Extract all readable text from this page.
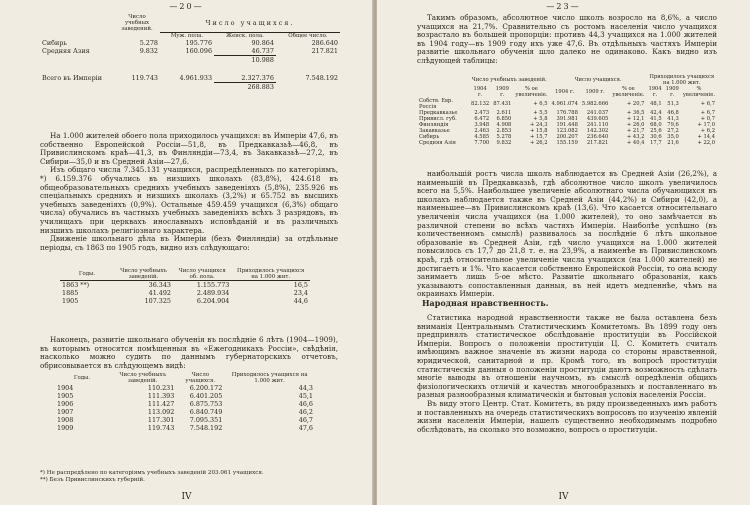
—20—
	Число учебных заведений.	Число учащихся.		
		Муж. пола.	Женск. пола.	Общее число.
Сибирь	5.278	195.776	90.864	286.640
Средняя Азия	9.832	160.096	46.737	217.821
			10.988	

Всего въ Имперіи	119.743	4.961.933	2.327.376	7.548.192
			268.883	

На 1.000 жителей обоего пола приходилось учащихся: въ Имперіи 47,6, въ собственно Европейской Россіи—51,8, въ Предкавказьѣ—46,8, въ Привислинскомъ краѣ—41,3, въ Финляндіи—73,4, въ Закавказьѣ—27,2, въ Сибири—35,0 и въ Средней Азіи—27,6.

Изъ общаго числа 7.345.131 учащихся, распредѣленныхъ по категоріямъ, *) 6.159.376 обучались въ низшихъ школахъ (83,8%), 424.618 въ общеобразовательныхъ среднихъ учебныхъ заведеніяхъ (5,8%), 235.926 въ спеціальныхъ среднихъ и низшихъ школахъ (3,2%) и 65.752 въ высшихъ учебныхъ заведеніяхъ (0,9%). Остальные 459.459 учащихся (6,3%) общаго числа) обучались въ частныхъ учебныхъ заведеніяхъ всѣхъ 3 разрядовъ, въ училищахъ при церквахъ инославныхъ исповѣданій и въ различныхъ низшихъ школахъ религіознаго характера.

Движеніе школьнаго дѣла въ Имперіи (безъ Финляндіи) за отдѣльные періоды, съ 1863 по 1905 годъ, видно изъ слѣдующаго:

Годы.	Число учебныхъ заведеній.	Число учащихся об. пола.	Приходилось учащихся на 1.000 жит.
1863 **)	36.343	1.155.773	16,5
1885	41.492	2.489.934	23,4
1905	107.325	6.204.904	44,6

Наконецъ, развитіе школьнаго обученія въ послѣдніе 6 лѣтъ (1904—1909), въ которымъ относятся помѣщенныя въ «Ежегодникахъ Россіи», свѣдѣнія, насколько можно судить по даннымъ губернаторскихъ отчетовъ, обрисовывается въ слѣдующемъ видѣ:

Годы.	Число учебныхъ заведеній.	Число учащихся.	Приходилось учащихся на 1.000 жит.
1904	110.231	6.200.172	44,3
1905	111.393	6.401.205	45,1
1906	111.427	6.875.753	46,6
1907	113.092	6.840.749	46,2
1908	117.301	7.095.351	46,7
1909	119.743	7.548.192	47,6
*) Не распредѣлено по категоріямъ учебныхъ заведеній 203.061 учащихся.
**) Безъ Привислинскихъ губерній.
IV
—23—

Такимъ образомъ, абсолютное число школъ возросло на 8,6%, а число учащихся на 21,7%. Сравнительно съ ростомъ населенія число учащихся возрастало въ большей пропорціи: противъ 44,3 учащихся на 1.000 жителей въ 1904 году—въ 1909 году ихъ уже 47,6. Въ отдѣльныхъ частяхъ Имперіи развитіе школьнаго обученія шло далеко не одинаково. Какъ видно изъ слѣдующей таблицы:

	Число учебныхъ заведеній.			Число учащихся.			Приходилось учащихся на 1.000 жит.		
	1904 г.	1909 г.	% ое увеличеніе.	1904 г.	1909 г.	% ое увеличеніе.	1904 г.	1909 г.	% увеличеніе.
Собств. Евр. Россія	82.132	87.431	+ 6,5	4.961.074	5.982.666	+ 20,7	48,1	51,3	+ 6,7
Предкавказье	2.473	2.611	+ 5,5	176.788	241.037	+ 36,5	42,4	46,8	+ 6,7
Привисл. губ.	6.472	6.850	+ 5,8	391.981	439.605	+ 12,1	41,5	41,3	+ 0,7
Финляндія	3.948	4.908	+ 24,3	191.448	241.110	+ 26,0	68,0	79,6	+ 17,0
Закавказье	2.463	2.853	+ 15,8	123.082	142.302	+ 21,7	25,6	27,2	+ 6,2
Сибирь	4.585	5.278	+ 15,7	200.207	236.640	+ 43,2	30,6	35,0	+ 14,4
Средняя Азія	7.700	9.832	+ 26,2	155.159	217.821	+ 40,4	17,7	21,6	+ 22,0

наибольшій ростъ числа школъ наблюдается въ Средней Азіи (26,2%), а наименьшій въ Предкавказьѣ, гдѣ абсолютное число школъ увеличилось всего на 5,5%. Наибольшее увеличеніе абсолютнаго числа обучающихся въ школахъ наблюдается также въ Средней Азіи (44,2%) и Сибири (42,0), а наименьшее—въ Привислинскомъ краѣ (13,6). Что касается относительнаго увеличенія числа учащихся (на 1.000 жителей), то оно замѣчается въ различной степени во всѣхъ частяхъ Имперіи. Наиболѣе успѣшно (въ количественномъ смыслѣ) развивалось за послѣдніе 6 лѣтъ школьное образованіе въ Средней Азіи, гдѣ число учащихся на 1.000 жителей повысилось съ 17,7 до 21,8 т. е. на 23,9%, а наименѣе въ Привислинскомъ краѣ, гдѣ относительное увеличеніе числа учащихся (на 1.000 жителей) не достигаетъ и 1%. Что касается собственно Европейской Россіи, то она всюду занимаетъ лишь 5-ое мѣсто. Развитіе школьнаго образованія, какъ указываютъ сопоставленныя данныя, въ ней идетъ медленнѣе, чѣмъ на окраинахъ Имперіи.

Народная нравственность.

Статистика народной нравственности также не была оставлена безъ вниманія Центральнымъ Статистическимъ Комитетомъ. Въ 1899 году онъ предпринялъ статистическое обслѣдованіе проституціи въ Россійской Имперіи. Вопросъ о положеніи проституціи Ц. С. Комитетъ считалъ имѣющимъ важное значеніе въ жизни народа со стороны нравственной, юридической, санитарной и пр. Кромѣ того, въ вопросѣ проституціи статистическія данныя о положеніи проституціи даютъ возможность сдѣлать многіе выводы въ отношеніи научномъ, въ смыслѣ опредѣленія общихъ физіологическихъ отличій и качествъ многообразныхъ и поставленнаго въ разныя разнообразныя климатическія и бытовыя условія населенія Россіи.

Въ виду этого Центр. Стат. Комитетъ, въ ряду произведенныхъ имъ работъ и поставленныхъ на очередь статистическихъ вопросовъ по изученію явленій жизни населенія Имперіи, нашелъ существенно необходимымъ подробно обслѣдовать, на сколько это возможно, вопросъ о проституціи.

IV
